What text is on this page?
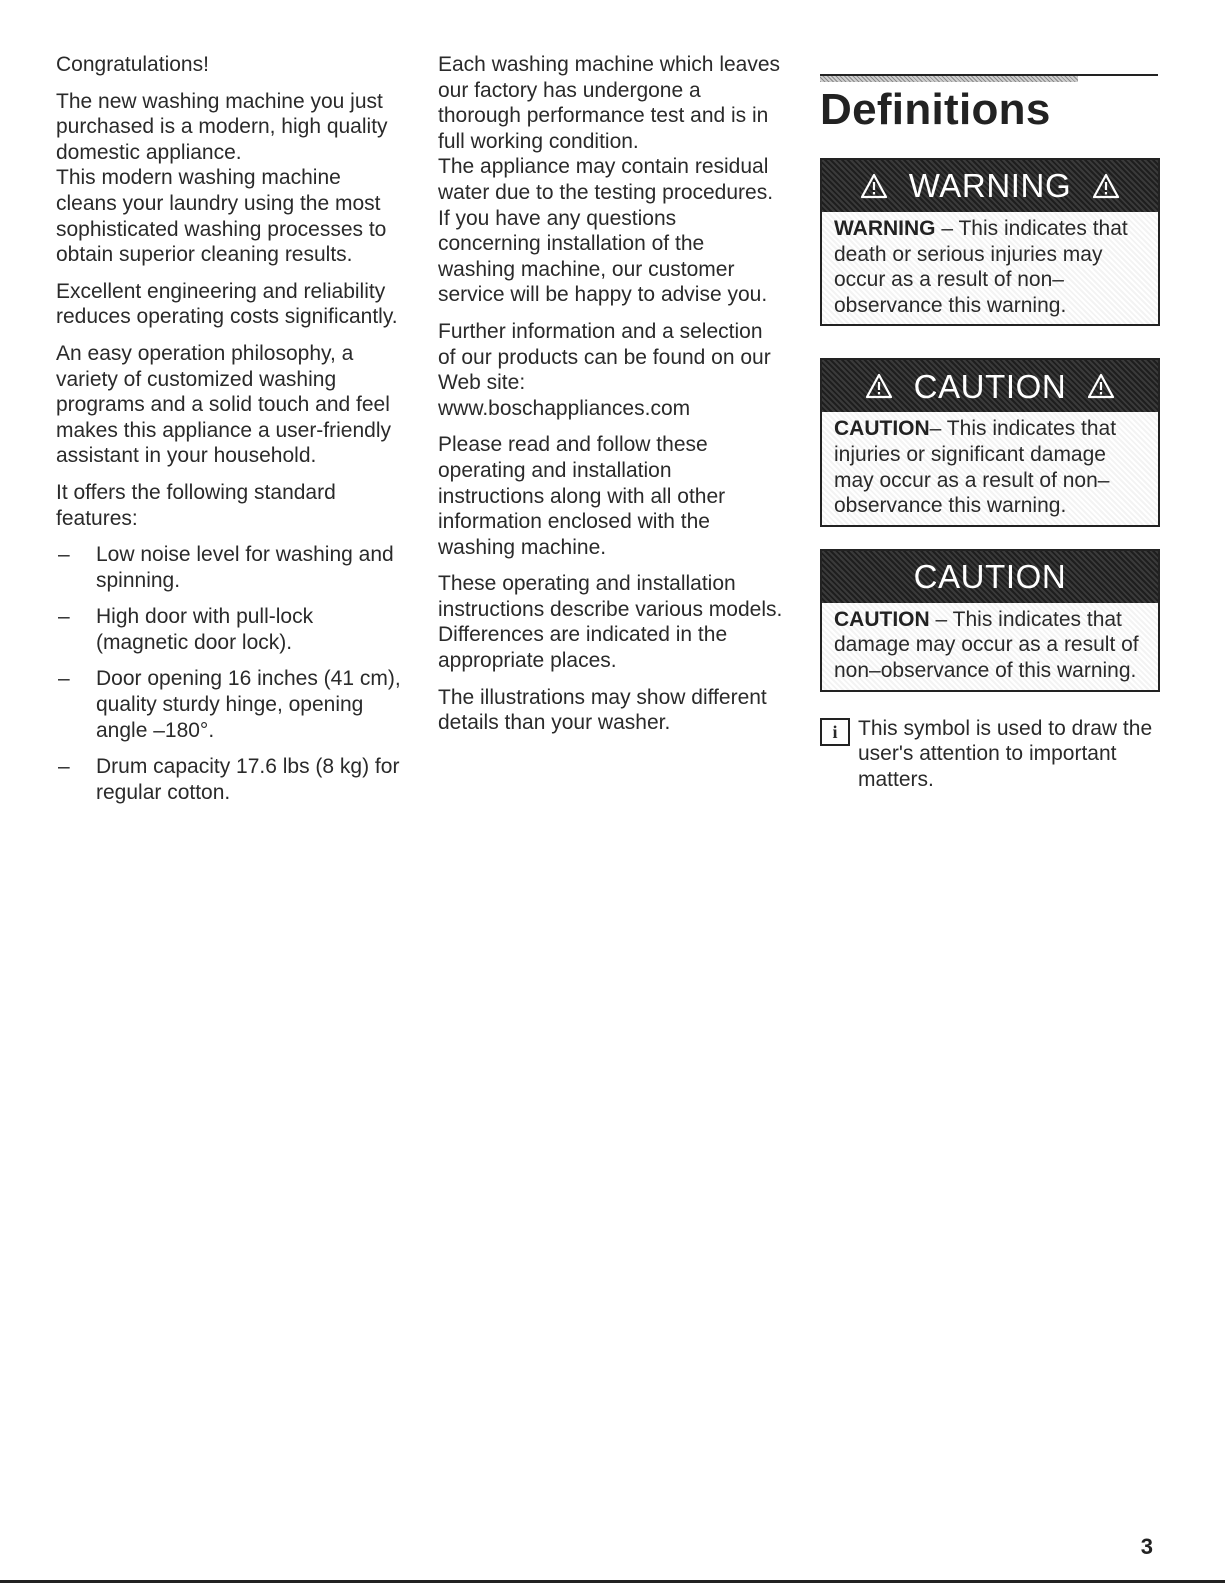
Congratulations!

The new washing machine you just purchased is a modern, high quality domestic appliance.
This modern washing machine cleans your laundry using the most sophisticated washing processes to obtain superior cleaning results.

Excellent engineering and reliability reduces operating costs significantly.

An easy operation philosophy, a variety of customized washing programs and a solid touch and feel makes this appliance a user-friendly assistant in your household.

It offers the following standard features:

– Low noise level for washing and spinning.
– High door with pull-lock (magnetic door lock).
– Door opening 16 inches (41 cm), quality sturdy hinge, opening angle –180°.
– Drum capacity 17.6 lbs (8 kg) for regular cotton.

Each washing machine which leaves our factory has undergone a thorough performance test and is in full working condition.
The appliance may contain residual water due to the testing procedures. If you have any questions concerning installation of the washing machine, our customer service will be happy to advise you.

Further information and a selection of our products can be found on our Web site:
www.boschappliances.com

Please read and follow these operating and installation instructions along with all other information enclosed with the washing machine.

These operating and installation instructions describe various models. Differences are indicated in the appropriate places.

The illustrations may show different details than your washer.

Definitions
WARNING
WARNING – This indicates that death or serious injuries may occur as a result of non–observance this warning.
CAUTION
CAUTION– This indicates that injuries or significant damage may occur as a result of non–observance this warning.
CAUTION
CAUTION – This indicates that damage may occur as a result of non–observance of this warning.
i This symbol is used to draw the user's attention to important matters.
3
